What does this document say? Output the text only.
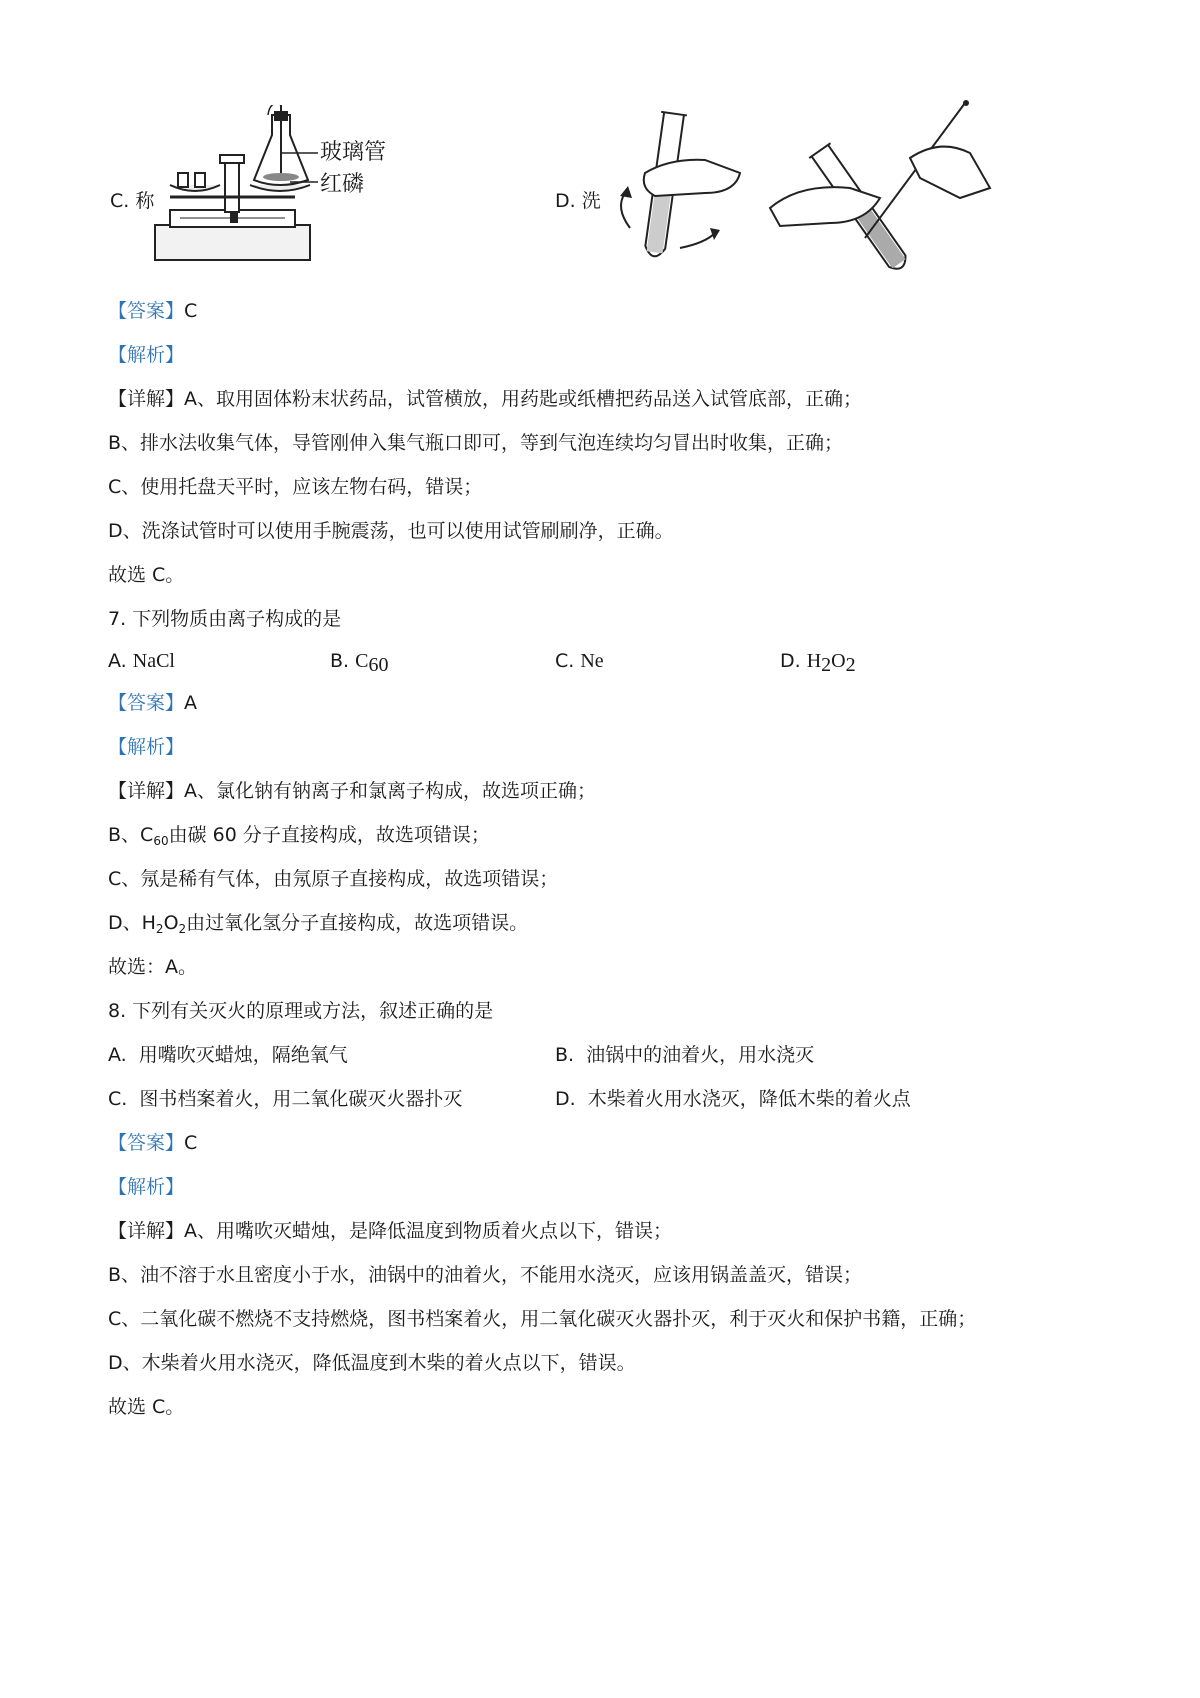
C. 称
玻璃管
红磷
D. 洗
【答案】C
【解析】
【详解】A、取用固体粉末状药品，试管横放，用药匙或纸槽把药品送入试管底部，正确；
B、排水法收集气体，导管刚伸入集气瓶口即可，等到气泡连续均匀冒出时收集，正确；
C、使用托盘天平时，应该左物右码，错误；
D、洗涤试管时可以使用手腕震荡，也可以使用试管刷刷净，正确。
故选 C。
7. 下列物质由离子构成的是
A. NaCl	B. $C_{60}$	C. Ne	D. $H_2O_2$
【答案】A
【解析】
【详解】A、氯化钠有钠离子和氯离子构成，故选项正确；
B、$C_{60}$由碳 60 分子直接构成，故选项错误；
C、氖是稀有气体，由氖原子直接构成，故选项错误；
D、$H_2O_2$由过氧化氢分子直接构成，故选项错误。
故选：A。
8. 下列有关灭火的原理或方法，叙述正确的是
A. 用嘴吹灭蜡烛，隔绝氧气	B. 油锅中的油着火，用水浇灭
C. 图书档案着火，用二氧化碳灭火器扑灭	D. 木柴着火用水浇灭，降低木柴的着火点
【答案】C
【解析】
【详解】A、用嘴吹灭蜡烛，是降低温度到物质着火点以下，错误；
B、油不溶于水且密度小于水，油锅中的油着火，不能用水浇灭，应该用锅盖盖灭，错误；
C、二氧化碳不燃烧不支持燃烧，图书档案着火，用二氧化碳灭火器扑灭，利于灭火和保护书籍，正确；
D、木柴着火用水浇灭，降低温度到木柴的着火点以下，错误。
故选 C。
